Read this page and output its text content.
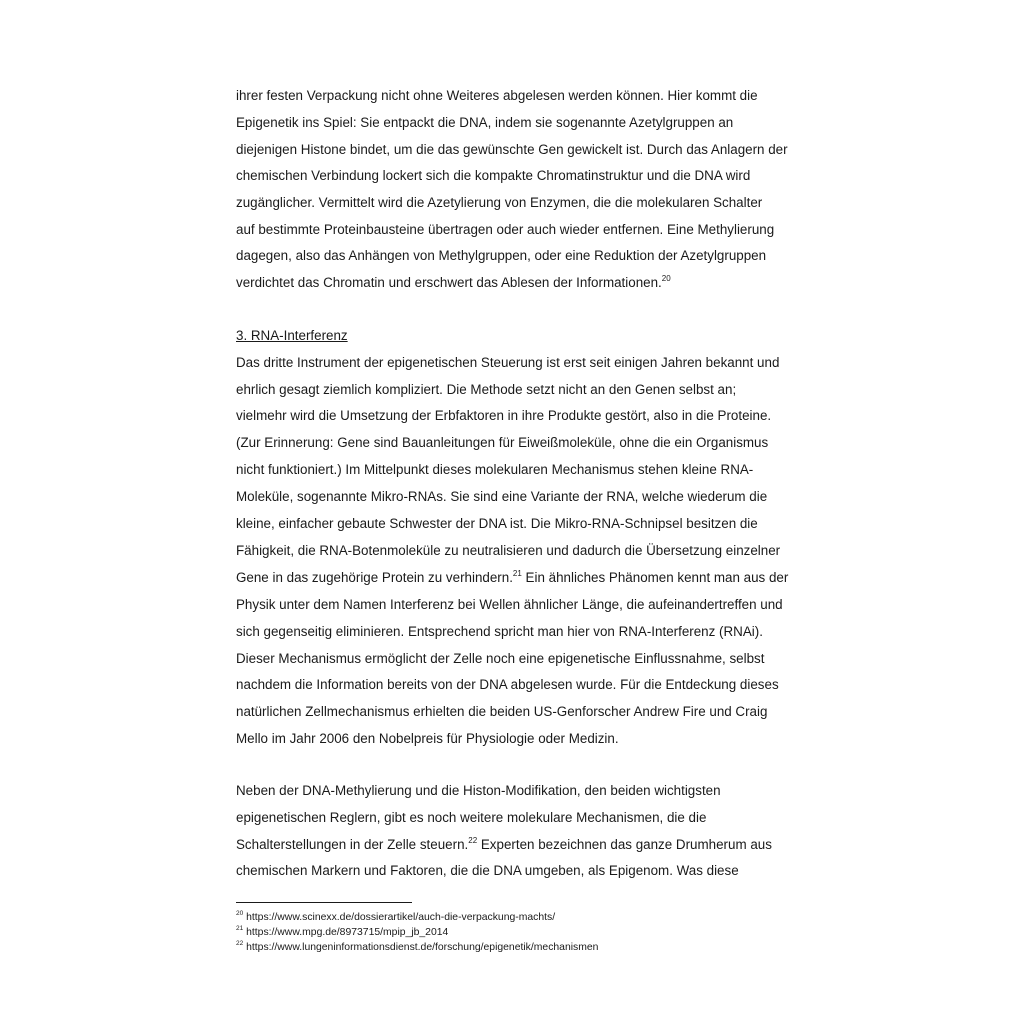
ihrer festen Verpackung nicht ohne Weiteres abgelesen werden können. Hier kommt die
Epigenetik ins Spiel: Sie entpackt die DNA, indem sie sogenannte Azetylgruppen an
diejenigen Histone bindet, um die das gewünschte Gen gewickelt ist. Durch das Anlagern der
chemischen Verbindung lockert sich die kompakte Chromatinstruktur und die DNA wird
zugänglicher. Vermittelt wird die Azetylierung von Enzymen, die die molekularen Schalter
auf bestimmte Proteinbausteine übertragen oder auch wieder entfernen. Eine Methylierung
dagegen, also das Anhängen von Methylgruppen, oder eine Reduktion der Azetylgruppen
verdichtet das Chromatin und erschwert das Ablesen der Informationen.$^{20}$
3. RNA-Interferenz
Das dritte Instrument der epigenetischen Steuerung ist erst seit einigen Jahren bekannt und
ehrlich gesagt ziemlich kompliziert. Die Methode setzt nicht an den Genen selbst an;
vielmehr wird die Umsetzung der Erbfaktoren in ihre Produkte gestört, also in die Proteine.
(Zur Erinnerung: Gene sind Bauanleitungen für Eiweißmoleküle, ohne die ein Organismus
nicht funktioniert.) Im Mittelpunkt dieses molekularen Mechanismus stehen kleine RNA-
Moleküle, sogenannte Mikro-RNAs. Sie sind eine Variante der RNA, welche wiederum die
kleine, einfacher gebaute Schwester der DNA ist. Die Mikro-RNA-Schnipsel besitzen die
Fähigkeit, die RNA-Botenmoleküle zu neutralisieren und dadurch die Übersetzung einzelner
Gene in das zugehörige Protein zu verhindern.$^{21}$ Ein ähnliches Phänomen kennt man aus der
Physik unter dem Namen Interferenz bei Wellen ähnlicher Länge, die aufeinandertreffen und
sich gegenseitig eliminieren. Entsprechend spricht man hier von RNA-Interferenz (RNAi).
Dieser Mechanismus ermöglicht der Zelle noch eine epigenetische Einflussnahme, selbst
nachdem die Information bereits von der DNA abgelesen wurde. Für die Entdeckung dieses
natürlichen Zellmechanismus erhielten die beiden US-Genforscher Andrew Fire und Craig
Mello im Jahr 2006 den Nobelpreis für Physiologie oder Medizin.
Neben der DNA-Methylierung und die Histon-Modifikation, den beiden wichtigsten
epigenetischen Reglern, gibt es noch weitere molekulare Mechanismen, die die
Schalterstellungen in der Zelle steuern.$^{22}$ Experten bezeichnen das ganze Drumherum aus
chemischen Markern und Faktoren, die die DNA umgeben, als Epigenom. Was diese
$^{20}$ https://www.scinexx.de/dossierartikel/auch-die-verpackung-machts/
$^{21}$ https://www.mpg.de/8973715/mpip_jb_2014
$^{22}$ https://www.lungeninformationsdienst.de/forschung/epigenetik/mechanismen
